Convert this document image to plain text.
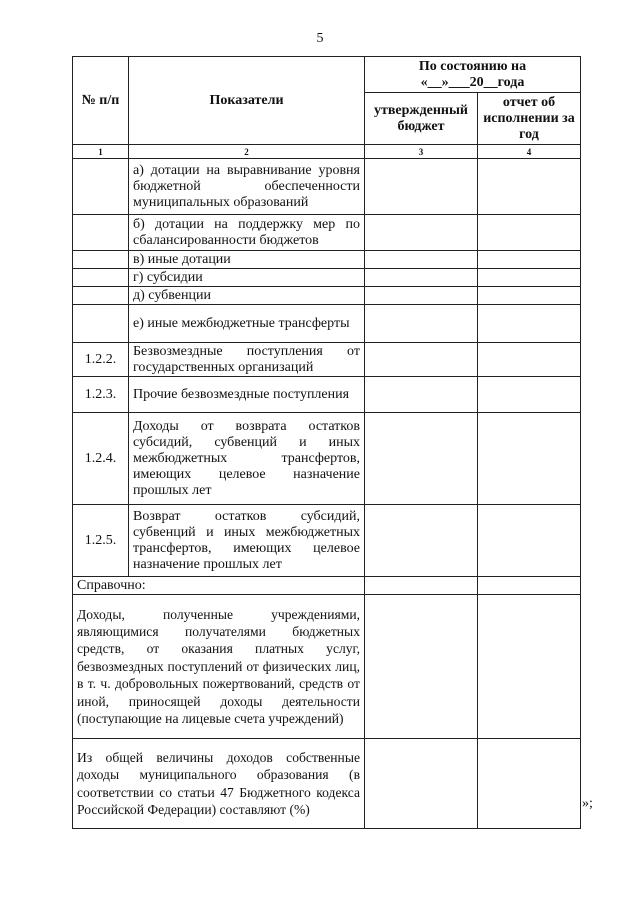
5
№ п/п	Показатели	По состоянию на «__»___20__года	
		утвержденный бюджет	отчет об исполнении за год
1	2	3	4
	а) дотации на выравнивание уровня бюджетной обеспеченности муниципальных образований		
	б) дотации на поддержку мер по сбалансированности бюджетов		
	в) иные дотации		
	г) субсидии		
	д) субвенции		
	е) иные межбюджетные трансферты		
1.2.2.	Безвозмездные поступления от государственных организаций		
1.2.3.	Прочие безвозмездные поступления		
1.2.4.	Доходы от возврата остатков субсидий, субвенций и иных межбюджетных трансфертов, имеющих целевое назначение прошлых лет		
1.2.5.	Возврат остатков субсидий, субвенций и иных межбюджетных трансфертов, имеющих целевое назначение прошлых лет		
Справочно:			
Доходы, полученные учреждениями, являющимися получателями бюджетных средств, от оказания платных услуг, безвозмездных поступлений от физических лиц, в т. ч. добровольных пожертвований, средств от иной, приносящей доходы деятельности (поступающие на лицевые счета учреждений)			
Из общей величины доходов собственные доходы муниципального образования (в соответствии со статьи 47 Бюджетного кодекса Российской Федерации) составляют (%)				»;
